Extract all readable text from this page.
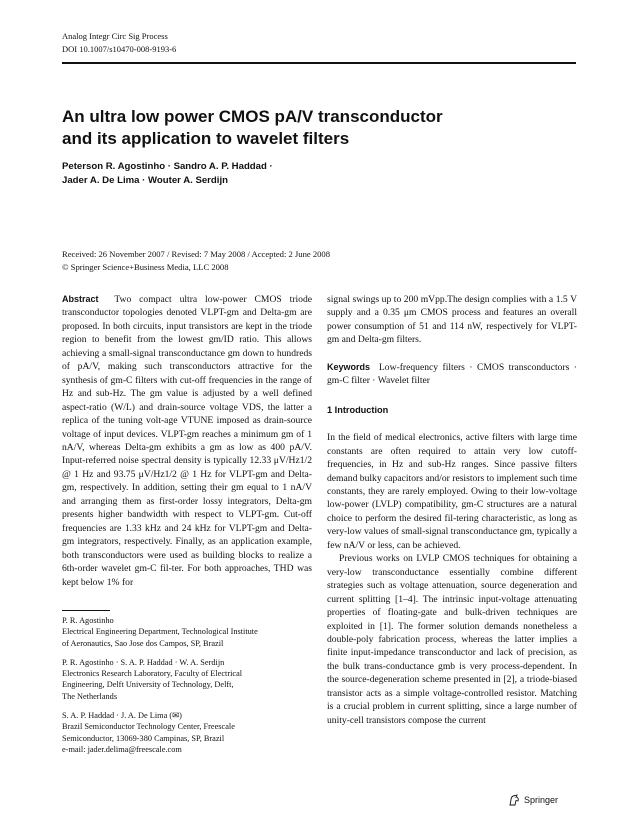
Analog Integr Circ Sig Process
DOI 10.1007/s10470-008-9193-6
An ultra low power CMOS pA/V transconductor
and its application to wavelet filters
Peterson R. Agostinho · Sandro A. P. Haddad ·
Jader A. De Lima · Wouter A. Serdijn
Received: 26 November 2007 / Revised: 7 May 2008 / Accepted: 2 June 2008
© Springer Science+Business Media, LLC 2008

Abstract Two compact ultra low-power CMOS triode transconductor topologies denoted VLPT-gm and Delta-gm are proposed. In both circuits, input transistors are kept in the triode region to benefit from the lowest gm/ID ratio. This allows achieving a small-signal transconductance gm down to hundreds of pA/V, making such transconductors attractive for the synthesis of gm-C filters with cut-off frequencies in the range of Hz and sub-Hz. The gm value is adjusted by a well defined aspect-ratio (W/L) and drain-source voltage VDS, the latter a replica of the tuning volt-age VTUNE imposed as drain-source voltage of input devices. VLPT-gm reaches a minimum gm of 1 nA/V, whereas Delta-gm exhibits a gm as low as 400 pA/V. Input-referred noise spectral density is typically 12.33 μV/Hz1/2 @ 1 Hz and 93.75 μV/Hz1/2 @ 1 Hz for VLPT-gm and Delta-gm, respectively. In addition, setting their gm equal to 1 nA/V and arranging them as first-order lossy integrators, Delta-gm presents higher bandwidth with respect to VLPT-gm. Cut-off frequencies are 1.33 kHz and 24 kHz for VLPT-gm and Delta-gm integrators, respectively. Finally, as an application example, both transconductors were used as building blocks to realize a 6th-order wavelet gm-C fil-ter. For both approaches, THD was kept below 1% for

P. R. Agostinho
Electrical Engineering Department, Technological Institute
of Aeronautics, Sao Jose dos Campos, SP, Brazil
P. R. Agostinho · S. A. P. Haddad · W. A. Serdijn
Electronics Research Laboratory, Faculty of Electrical
Engineering, Delft University of Technology, Delft,
The Netherlands
S. A. P. Haddad · J. A. De Lima (✉)
Brazil Semiconductor Technology Center, Freescale
Semiconductor, 13069-380 Campinas, SP, Brazil
e-mail: jader.delima@freescale.com

signal swings up to 200 mVpp.The design complies with a 1.5 V supply and a 0.35 μm CMOS process and features an overall power consumption of 51 and 114 nW, respectively for VLPT-gm and Delta-gm filters.

Keywords Low-frequency filters · CMOS transconductors · gm-C filter · Wavelet filter

1 Introduction

In the field of medical electronics, active filters with large time constants are often required to attain very low cutoff-frequencies, in Hz and sub-Hz ranges. Since passive filters demand bulky capacitors and/or resistors to implement such time constants, they are rarely employed. Owing to their low-voltage low-power (LVLP) compatibility, gm-C structures are a natural choice to perform the desired fil-tering characteristic, as long as very-low values of small-signal transconductance gm, typically a few nA/V or less, can be achieved.

Previous works on LVLP CMOS techniques for obtaining a very-low transconductance essentially combine different strategies such as voltage attenuation, source degeneration and current splitting [1–4]. The intrinsic input-voltage attenuating properties of floating-gate and bulk-driven techniques are exploited in [1]. The former solution demands nonetheless a double-poly fabrication process, whereas the latter implies a finite input-impedance transconductor and lack of precision, as the bulk trans-conductance gmb is very process-dependent. In the source-degeneration scheme presented in [2], a triode-biased transistor acts as a simple voltage-controlled resistor. Matching is a crucial problem in current splitting, since a large number of unity-cell transistors compose the current

Springer
